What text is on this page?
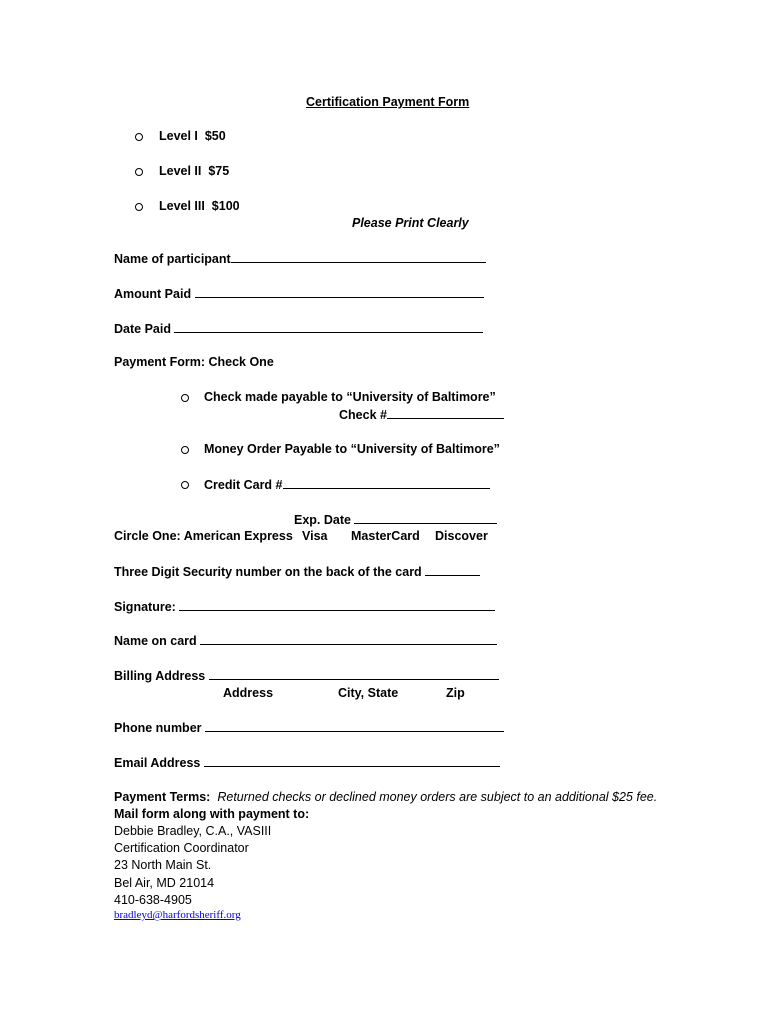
Certification Payment Form
Level I  $50
Level II  $75
Level III  $100
Please Print Clearly
Name of participant
Amount Paid
Date Paid
Payment Form: Check One
Check made payable to “University of Baltimore”
Check #
Money Order Payable to “University of Baltimore”
Credit Card #
Exp. Date
Circle One: American Express Visa MasterCard Discover
Three Digit Security number on the back of the card
Signature:
Name on card
Billing Address
Address	City, State	Zip
Phone number
Email Address
Payment Terms: Returned checks or declined money orders are subject to an additional $25 fee.
Mail form along with payment to:
Debbie Bradley, C.A., VASIII
Certification Coordinator
23 North Main St.
Bel Air, MD 21014
410-638-4905
bradleyd@harfordsheriff.org
